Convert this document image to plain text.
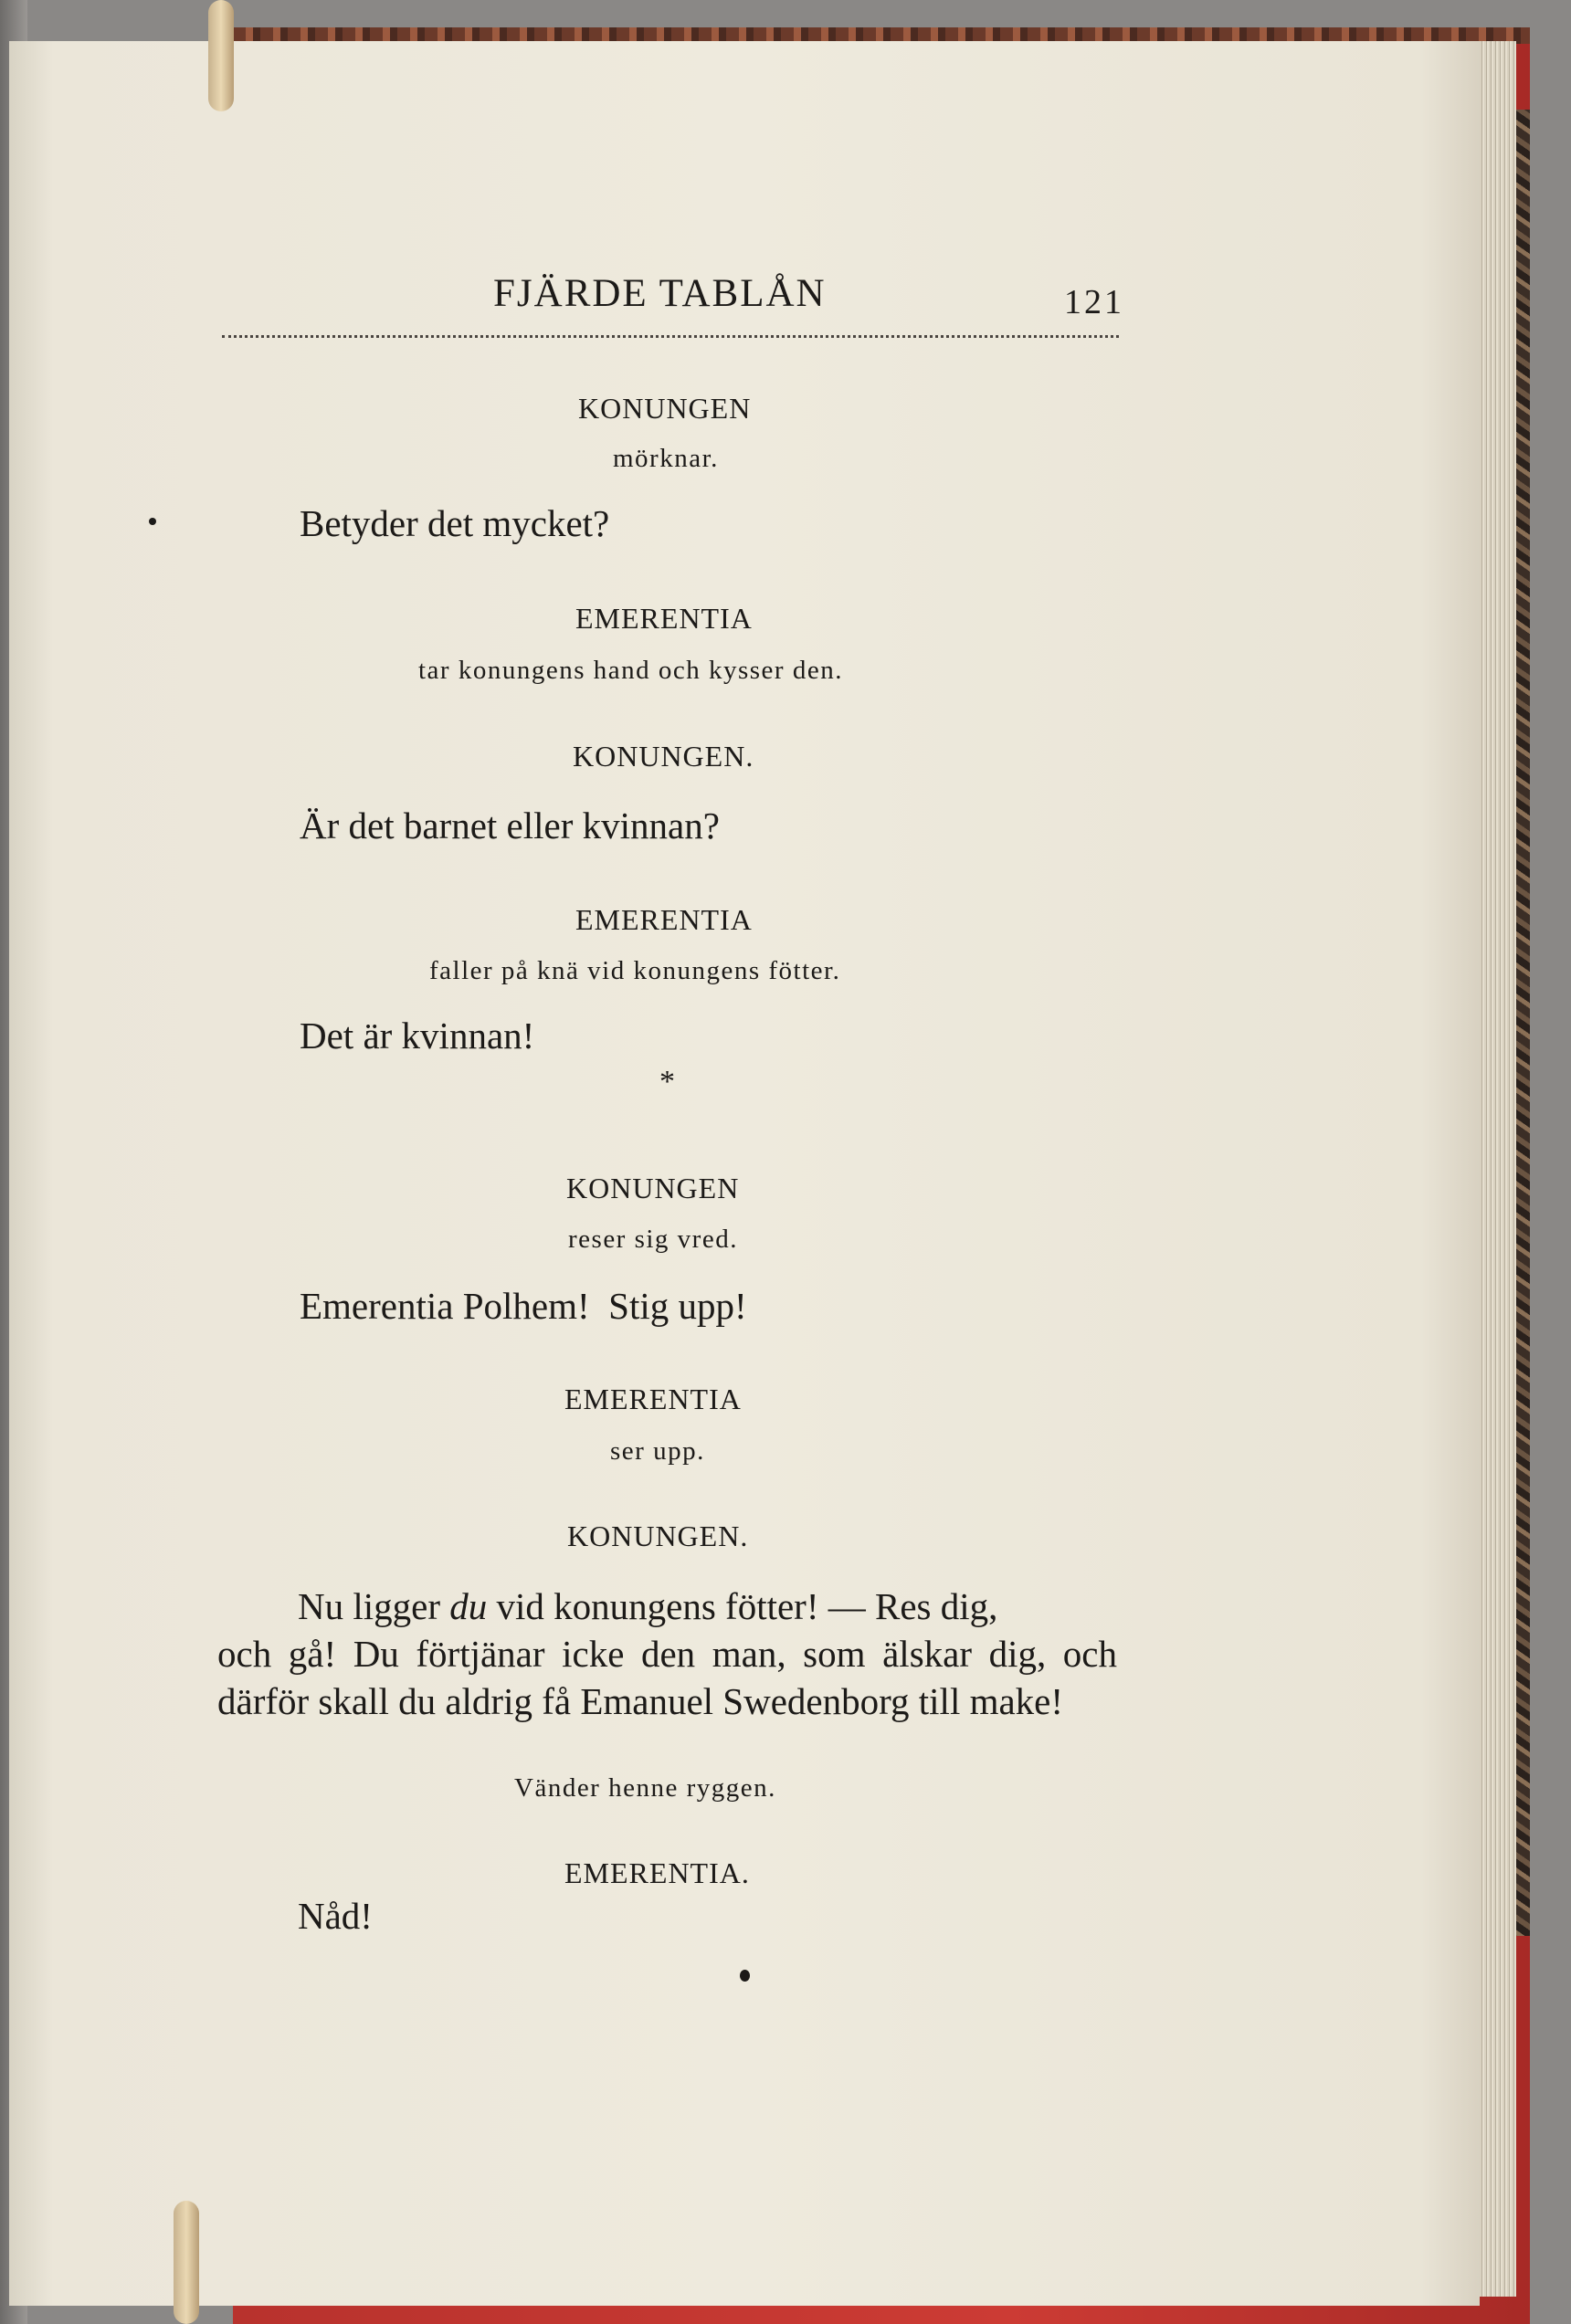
FJÄRDE TABLÅN	121
KONUNGEN
mörknar.
Betyder det mycket?
EMERENTIA
tar konungens hand och kysser den.
KONUNGEN.
Är det barnet eller kvinnan?
EMERENTIA
faller på knä vid konungens fötter.
Det är kvinnan!
*
KONUNGEN
reser sig vred.
Emerentia Polhem!  Stig upp!
EMERENTIA
ser upp.
KONUNGEN.
Nu ligger du vid konungens fötter! — Res dig,
och gå! Du förtjänar icke den man, som älskar dig, och därför skall du aldrig få Emanuel Swedenborg till make!
Vänder henne ryggen.
EMERENTIA.
Nåd!
